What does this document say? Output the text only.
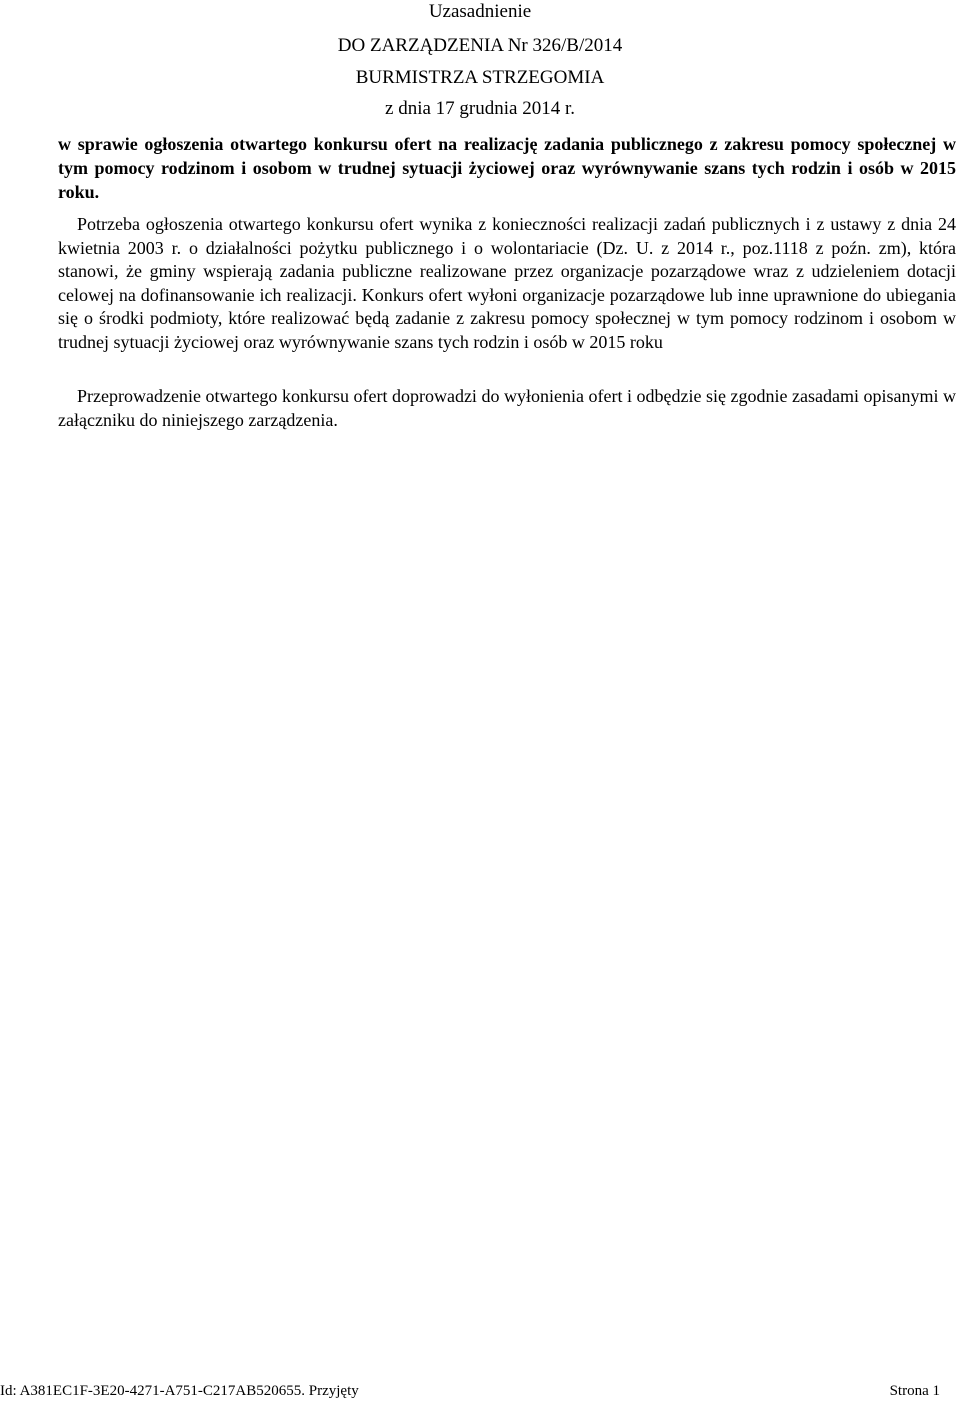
Uzasadnienie
DO ZARZĄDZENIA Nr 326/B/2014
BURMISTRZA STRZEGOMIA
z dnia 17 grudnia 2014 r.
w sprawie ogłoszenia otwartego konkursu ofert na realizację zadania publicznego z zakresu pomocy społecznej w tym pomocy rodzinom i osobom w trudnej sytuacji życiowej oraz wyrównywanie szans tych rodzin i osób w 2015 roku.
Potrzeba ogłoszenia otwartego konkursu ofert wynika z konieczności realizacji zadań publicznych i z ustawy z dnia 24 kwietnia 2003 r. o działalności pożytku publicznego i o wolontariacie (Dz. U. z 2014 r., poz.1118 z poźn. zm), która stanowi, że gminy wspierają zadania publiczne realizowane przez organizacje pozarządowe wraz z udzieleniem dotacji celowej na dofinansowanie ich realizacji. Konkurs ofert wyłoni organizacje pozarządowe lub inne uprawnione do ubiegania się o środki podmioty, które realizować będą zadanie z zakresu pomocy społecznej w tym pomocy rodzinom i osobom w trudnej sytuacji życiowej oraz wyrównywanie szans tych rodzin i osób w 2015 roku
Przeprowadzenie otwartego konkursu ofert doprowadzi do wyłonienia ofert i odbędzie się zgodnie zasadami opisanymi w załączniku do niniejszego zarządzenia.
Id: A381EC1F-3E20-4271-A751-C217AB520655. Przyjęty	Strona 1
